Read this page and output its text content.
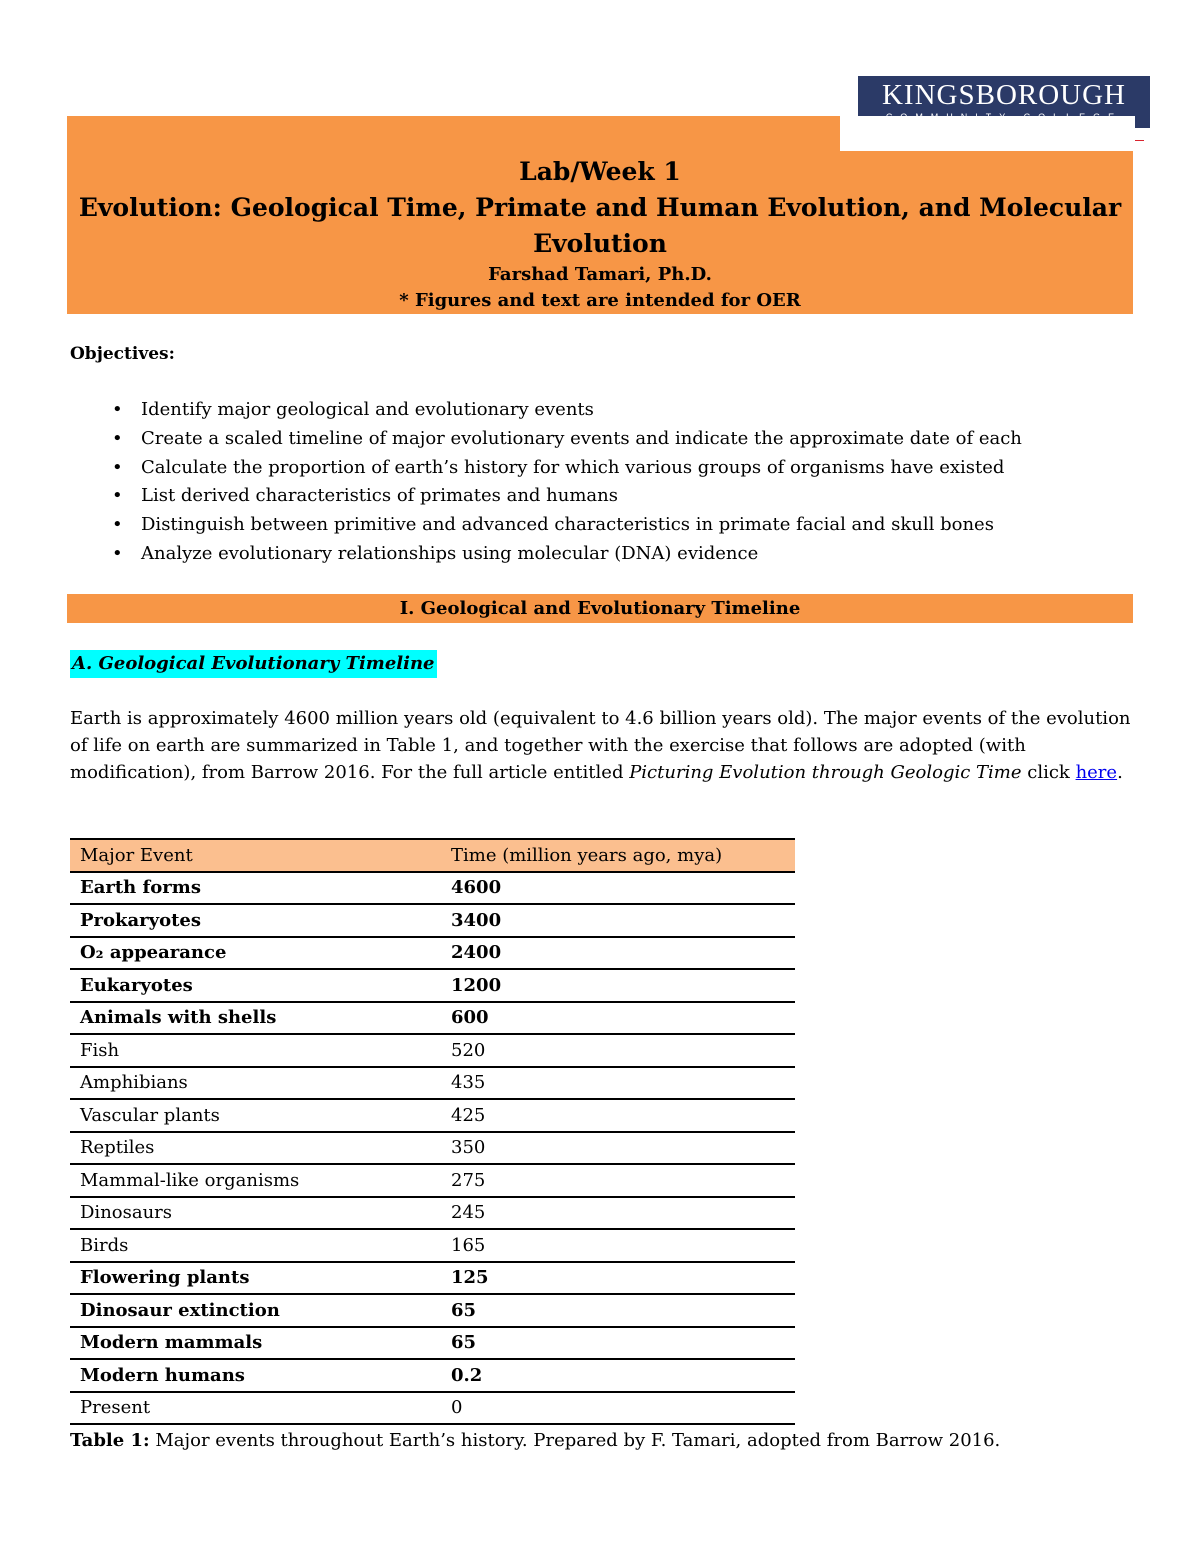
KINGSBOROUGH
Lab/Week 1
Evolution: Geological Time, Primate and Human Evolution, and Molecular
Evolution
Farshad Tamari, Ph.D.
* Figures and text are intended for OER
Objectives:
• Identify major geological and evolutionary events
• Create a scaled timeline of major evolutionary events and indicate the approximate date of each
• Calculate the proportion of earth’s history for which various groups of organisms have existed
• List derived characteristics of primates and humans
• Distinguish between primitive and advanced characteristics in primate facial and skull bones
• Analyze evolutionary relationships using molecular (DNA) evidence
I. Geological and Evolutionary Timeline
A. Geological Evolutionary Timeline

Earth is approximately 4600 million years old (equivalent to 4.6 billion years old). The major events of the evolution of life on earth are summarized in Table 1, and together with the exercise that follows are adopted (with modification), from Barrow 2016. For the full article entitled Picturing Evolution through Geologic Time click here.

Major Event	Time (million years ago, mya)
Earth forms	4600
Prokaryotes	3400
O₂ appearance	2400
Eukaryotes	1200
Animals with shells	600
Fish	520
Amphibians	435
Vascular plants	425
Reptiles	350
Mammal-like organisms	275
Dinosaurs	245
Birds	165
Flowering plants	125
Dinosaur extinction	65
Modern mammals	65
Modern humans	0.2
Present	0
Table 1: Major events throughout Earth’s history. Prepared by F. Tamari, adopted from Barrow 2016.
